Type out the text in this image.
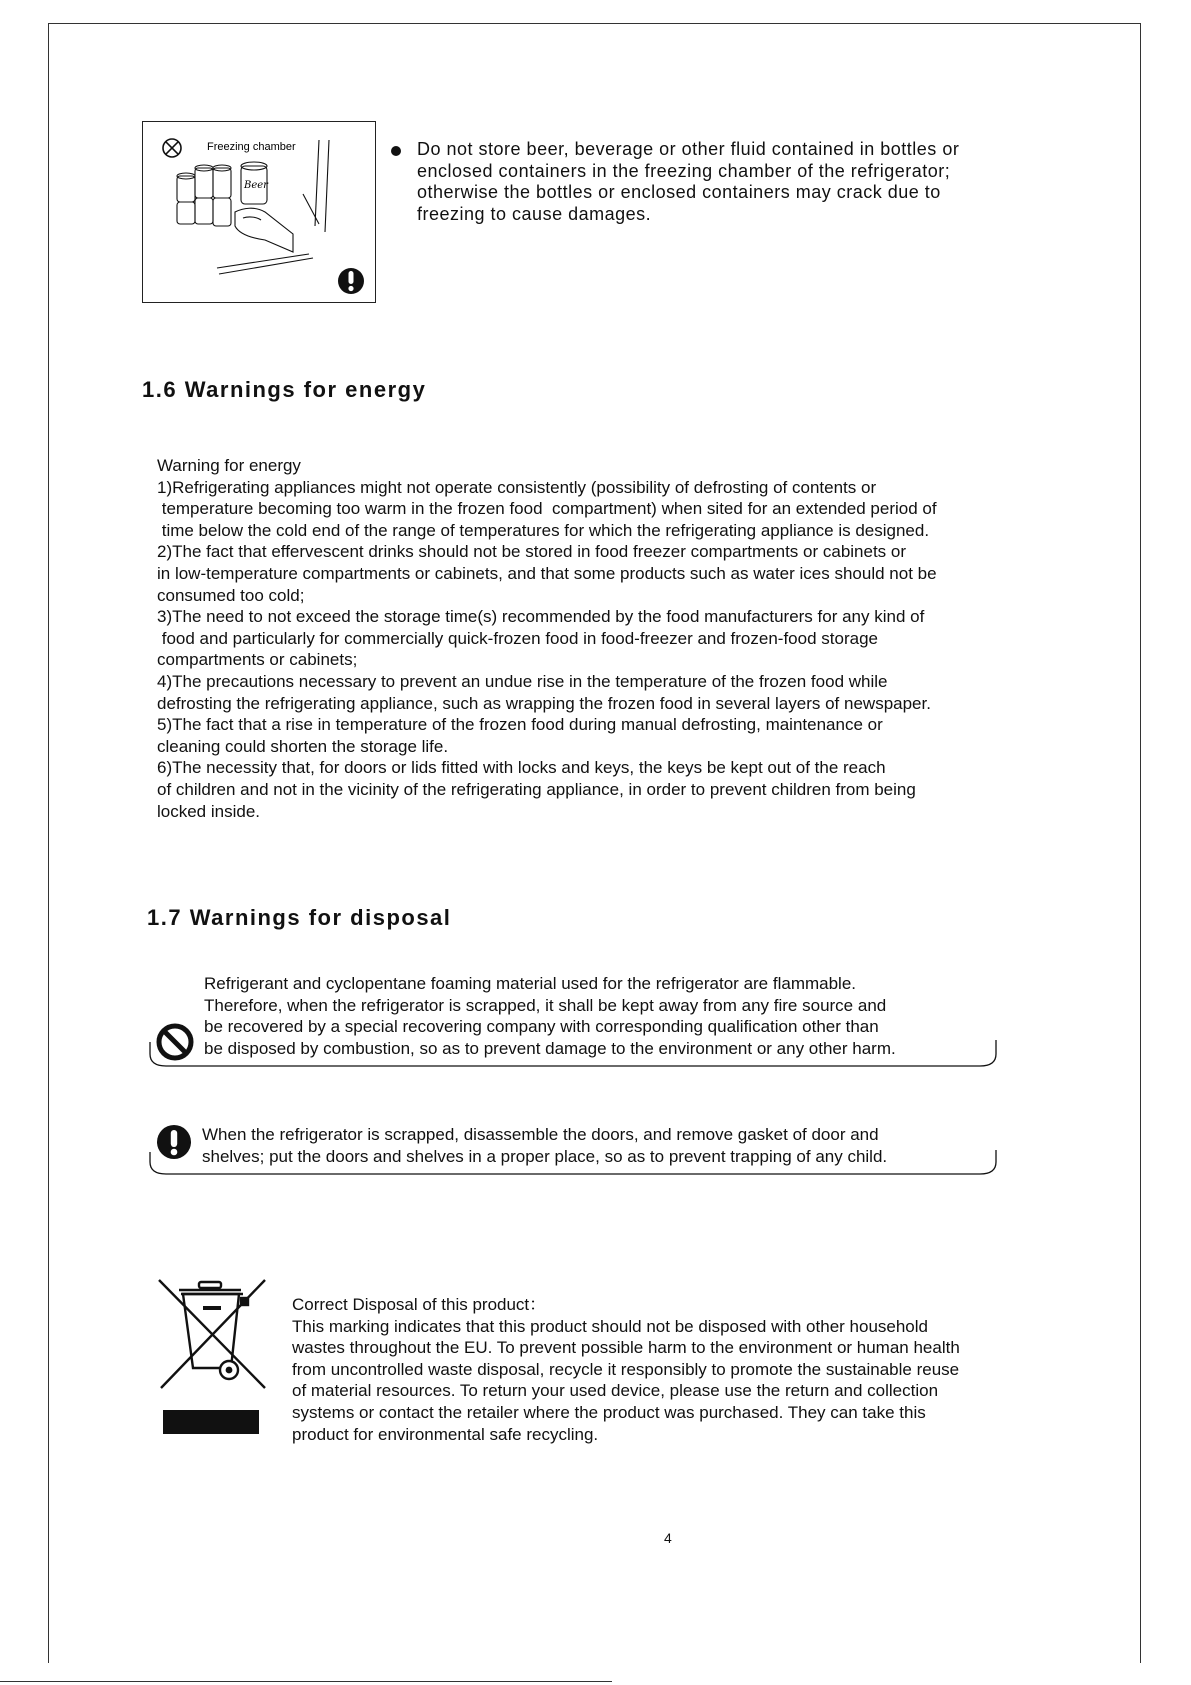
Freezing chamber
Beer
Do not store beer, beverage or other fluid contained in bottles or
enclosed containers in the freezing chamber of the refrigerator;
otherwise the bottles or enclosed containers may crack due to
freezing to cause damages.
1.6 Warnings for energy
Warning for energy
1)Refrigerating appliances might not operate consistently (possibility of defrosting of contents or
temperature becoming too warm in the frozen food  compartment) when sited for an extended period of
time below the cold end of the range of temperatures for which the refrigerating appliance is designed.
2)The fact that effervescent drinks should not be stored in food freezer compartments or cabinets or
in low-temperature compartments or cabinets, and that some products such as water ices should not be
consumed too cold;
3)The need to not exceed the storage time(s) recommended by the food manufacturers for any kind of
food and particularly for commercially quick-frozen food in food-freezer and frozen-food storage
compartments or cabinets;
4)The precautions necessary to prevent an undue rise in the temperature of the frozen food while
defrosting the refrigerating appliance, such as wrapping the frozen food in several layers of newspaper.
5)The fact that a rise in temperature of the frozen food during manual defrosting, maintenance or
cleaning could shorten the storage life.
6)The necessity that, for doors or lids fitted with locks and keys, the keys be kept out of the reach
of children and not in the vicinity of the refrigerating appliance, in order to prevent children from being
locked inside.
1.7 Warnings for disposal
Refrigerant and cyclopentane foaming material used for the refrigerator are flammable.
Therefore, when the refrigerator is scrapped, it shall be kept away from any fire source and
be recovered by a special recovering company with corresponding qualification other than
be disposed by combustion, so as to prevent damage to the environment or any other harm.
When the refrigerator is scrapped, disassemble the doors, and remove gasket of door and
shelves; put the doors and shelves in a proper place, so as to prevent trapping of any child.
Correct Disposal of this product：
This marking indicates that this product should not be disposed with other household
wastes throughout the EU. To prevent possible harm to the environment or human health
from uncontrolled waste disposal, recycle it responsibly to promote the sustainable reuse
of material resources. To return your used device, please use the return and collection
systems or contact the retailer where the product was purchased. They can take this
product for environmental safe recycling.
4
